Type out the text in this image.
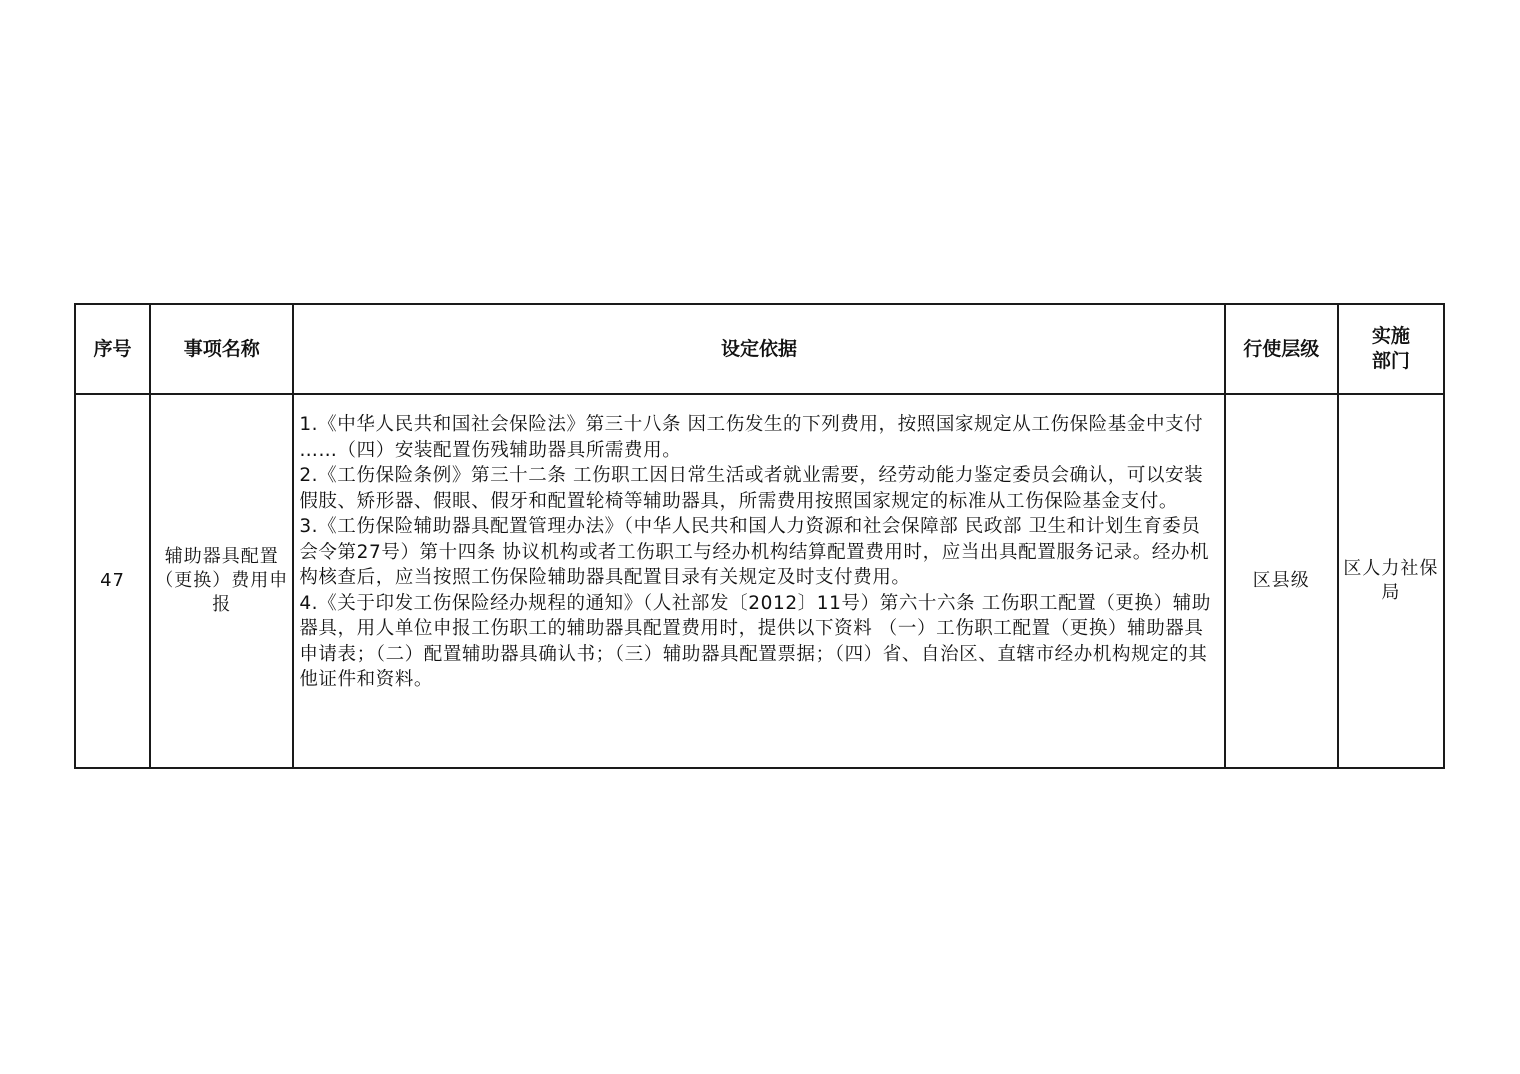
序号	事项名称	设定依据	行使层级	实施
部门

47	辅助器具配置（更换）费用申报	1.《中华人民共和国社会保险法》第三十八条 因工伤发生的下列费用，按照国家规定从工伤保险基金中支付 ……（四）安装配置伤残辅助器具所需费用。
2.《工伤保险条例》第三十二条 工伤职工因日常生活或者就业需要，经劳动能力鉴定委员会确认，可以安装假肢、矫形器、假眼、假牙和配置轮椅等辅助器具，所需费用按照国家规定的标准从工伤保险基金支付。
3.《工伤保险辅助器具配置管理办法》（中华人民共和国人力资源和社会保障部 民政部 卫生和计划生育委员会令第27号）第十四条 协议机构或者工伤职工与经办机构结算配置费用时，应当出具配置服务记录。经办机构核查后，应当按照工伤保险辅助器具配置目录有关规定及时支付费用。
4.《关于印发工伤保险经办规程的通知》（人社部发〔2012〕11号）第六十六条 工伤职工配置（更换）辅助器具，用人单位申报工伤职工的辅助器具配置费用时，提供以下资料 （一）工伤职工配置（更换）辅助器具申请表；（二）配置辅助器具确认书；（三）辅助器具配置票据；（四）省、自治区、直辖市经办机构规定的其他证件和资料。	区县级	区人力社保局
